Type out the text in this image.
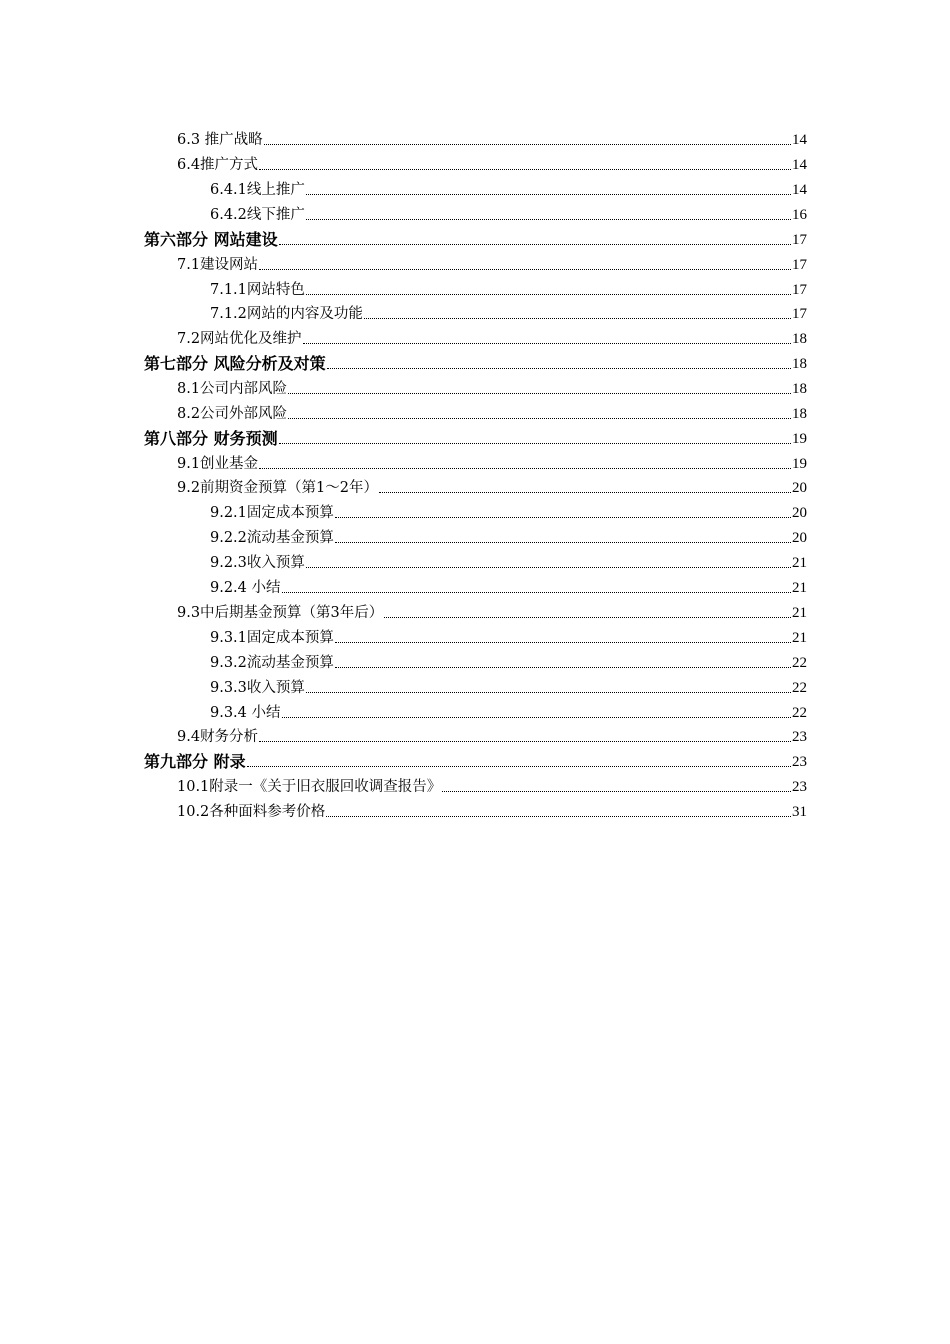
6.3 推广战略	14
6.4推广方式	14
6.4.1线上推广	14
6.4.2线下推广	16
第六部分 网站建设	17
7.1建设网站	17
7.1.1网站特色	17
7.1.2网站的内容及功能	17
7.2网站优化及维护	18
第七部分 风险分析及对策	18
8.1公司内部风险	18
8.2公司外部风险	18
第八部分 财务预测	19
9.1创业基金	19
9.2前期资金预算（第1～2年）	20
9.2.1固定成本预算	20
9.2.2流动基金预算	20
9.2.3收入预算	21
9.2.4 小结	21
9.3中后期基金预算（第3年后）	21
9.3.1固定成本预算	21
9.3.2流动基金预算	22
9.3.3收入预算	22
9.3.4 小结	22
9.4财务分析	23
第九部分 附录	23
10.1附录一《关于旧衣服回收调查报告》	23
10.2各种面料参考价格	31
